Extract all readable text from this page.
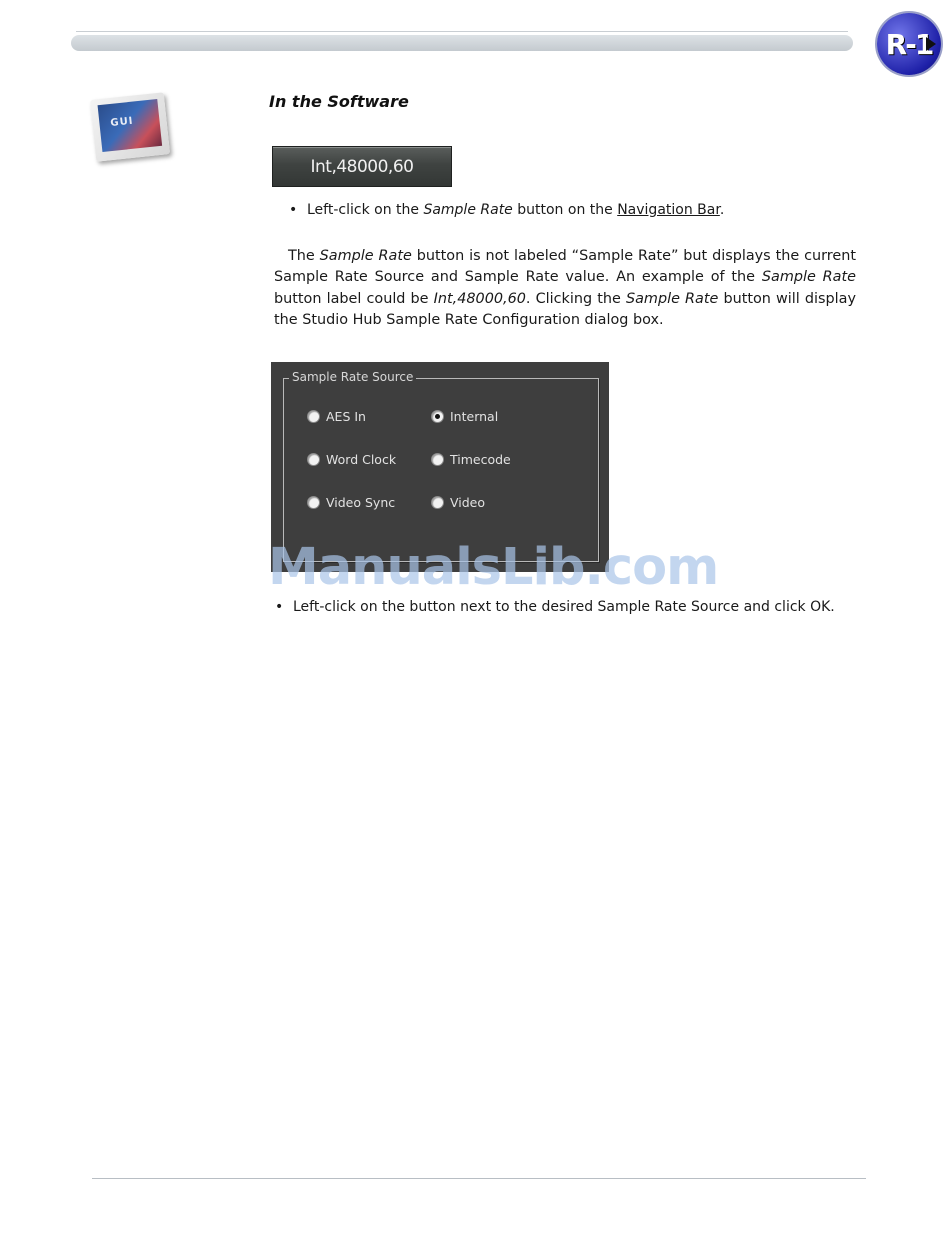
R-1
GUI
In the Software
Int,48000,60
• Left-click on the Sample Rate button on the Navigation Bar.
The Sample Rate button is not labeled “Sample Rate” but displays the current Sample Rate Source and Sample Rate value. An example of the Sample Rate button label could be Int,48000,60. Clicking the Sample Rate button will display the Studio Hub Sample Rate Configuration dialog box.
Sample Rate Source
AES In	Internal
Word Clock	Timecode
Video Sync	Video
ManualsLib.com
• Left-click on the button next to the desired Sample Rate Source and click OK.
